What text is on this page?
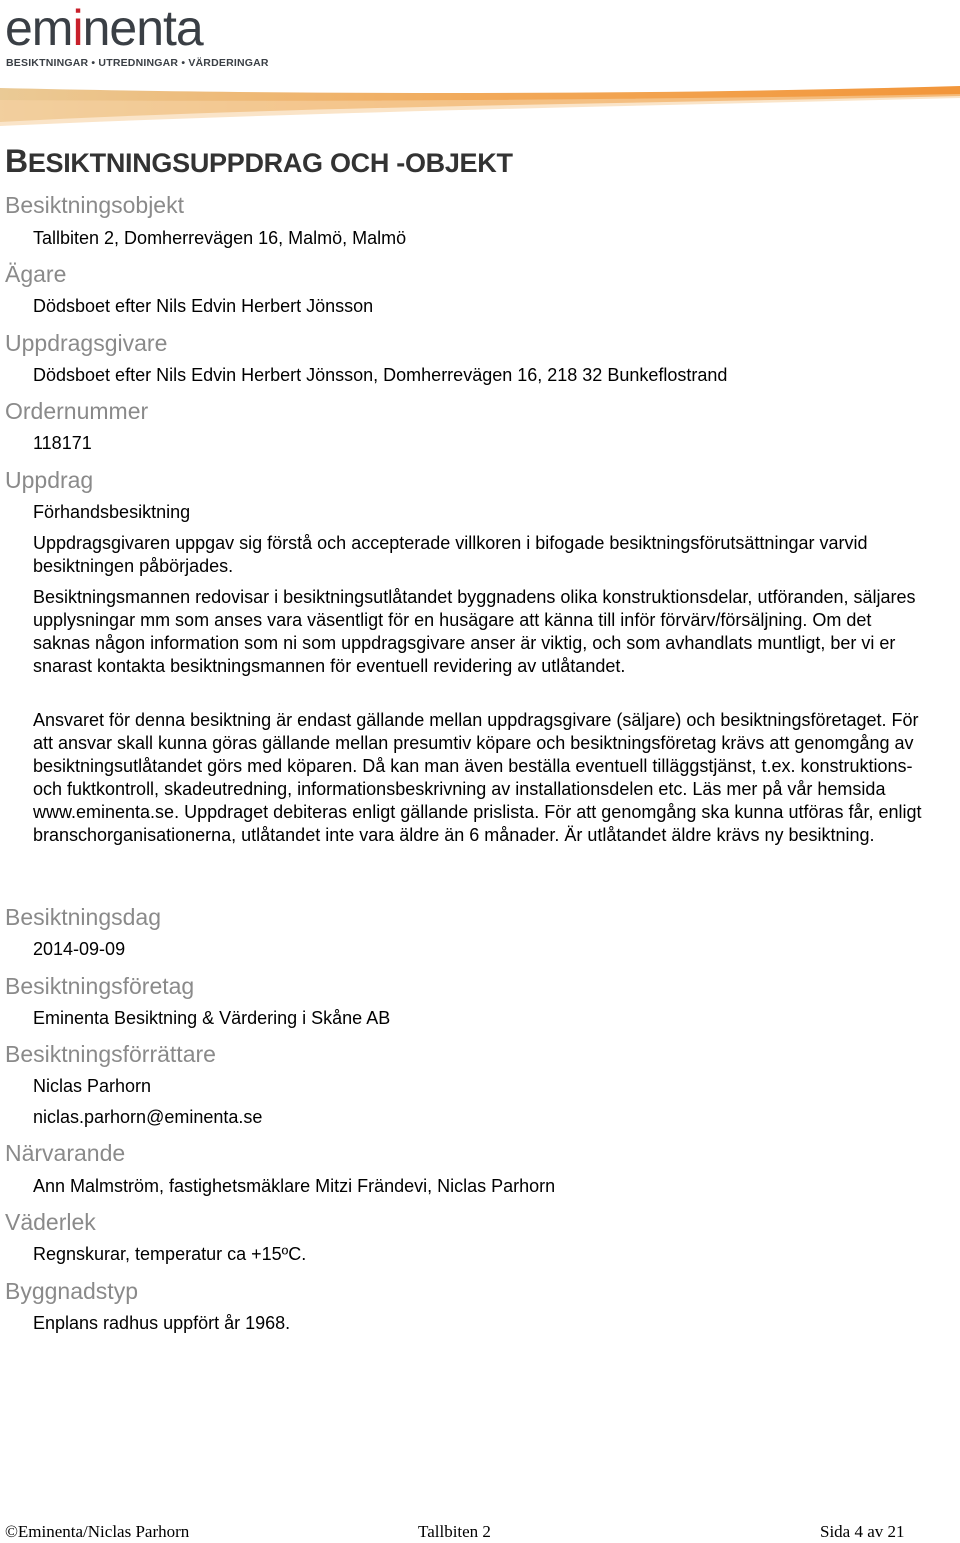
eminenta
BESIKTNINGAR • UTREDNINGAR • VÄRDERINGAR
BESIKTNINGSUPPDRAG OCH -OBJEKT
Besiktningsobjekt
Tallbiten 2, Domherrevägen 16, Malmö, Malmö
Ägare
Dödsboet efter Nils Edvin Herbert Jönsson
Uppdragsgivare
Dödsboet efter Nils Edvin Herbert Jönsson, Domherrevägen 16, 218 32 Bunkeflostrand
Ordernummer
118171
Uppdrag
Förhandsbesiktning

Uppdragsgivaren uppgav sig förstå och accepterade villkoren i bifogade besiktningsförutsättningar varvid besiktningen påbörjades.

Besiktningsmannen redovisar i besiktningsutlåtandet byggnadens olika konstruktionsdelar, utföranden, säljares upplysningar mm som anses vara väsentligt för en husägare att känna till inför förvärv/försäljning. Om det saknas någon information som ni som uppdragsgivare anser är viktig, och som avhandlats muntligt, ber vi er snarast kontakta besiktningsmannen för eventuell revidering av utlåtandet.

Ansvaret för denna besiktning är endast gällande mellan uppdragsgivare (säljare) och besiktningsföretaget. För att ansvar skall kunna göras gällande mellan presumtiv köpare och besiktningsföretag krävs att genomgång av besiktningsutlåtandet görs med köparen. Då kan man även beställa eventuell tilläggstjänst, t.ex. konstruktions- och fuktkontroll, skadeutredning, informationsbeskrivning av installationsdelen etc. Läs mer på vår hemsida www.eminenta.se. Uppdraget debiteras enligt gällande prislista. För att genomgång ska kunna utföras får, enligt branschorganisationerna, utlåtandet inte vara äldre än 6 månader. Är utlåtandet äldre krävs ny besiktning.

Besiktningsdag
2014-09-09
Besiktningsföretag
Eminenta Besiktning & Värdering i Skåne AB
Besiktningsförrättare
Niclas Parhorn
niclas.parhorn@eminenta.se
Närvarande
Ann Malmström, fastighetsmäklare Mitzi Frändevi, Niclas Parhorn
Väderlek
Regnskurar, temperatur ca +15ºC.
Byggnadstyp
Enplans radhus uppfört år 1968.
©Eminenta/Niclas Parhorn	Tallbiten 2	Sida 4 av 21
